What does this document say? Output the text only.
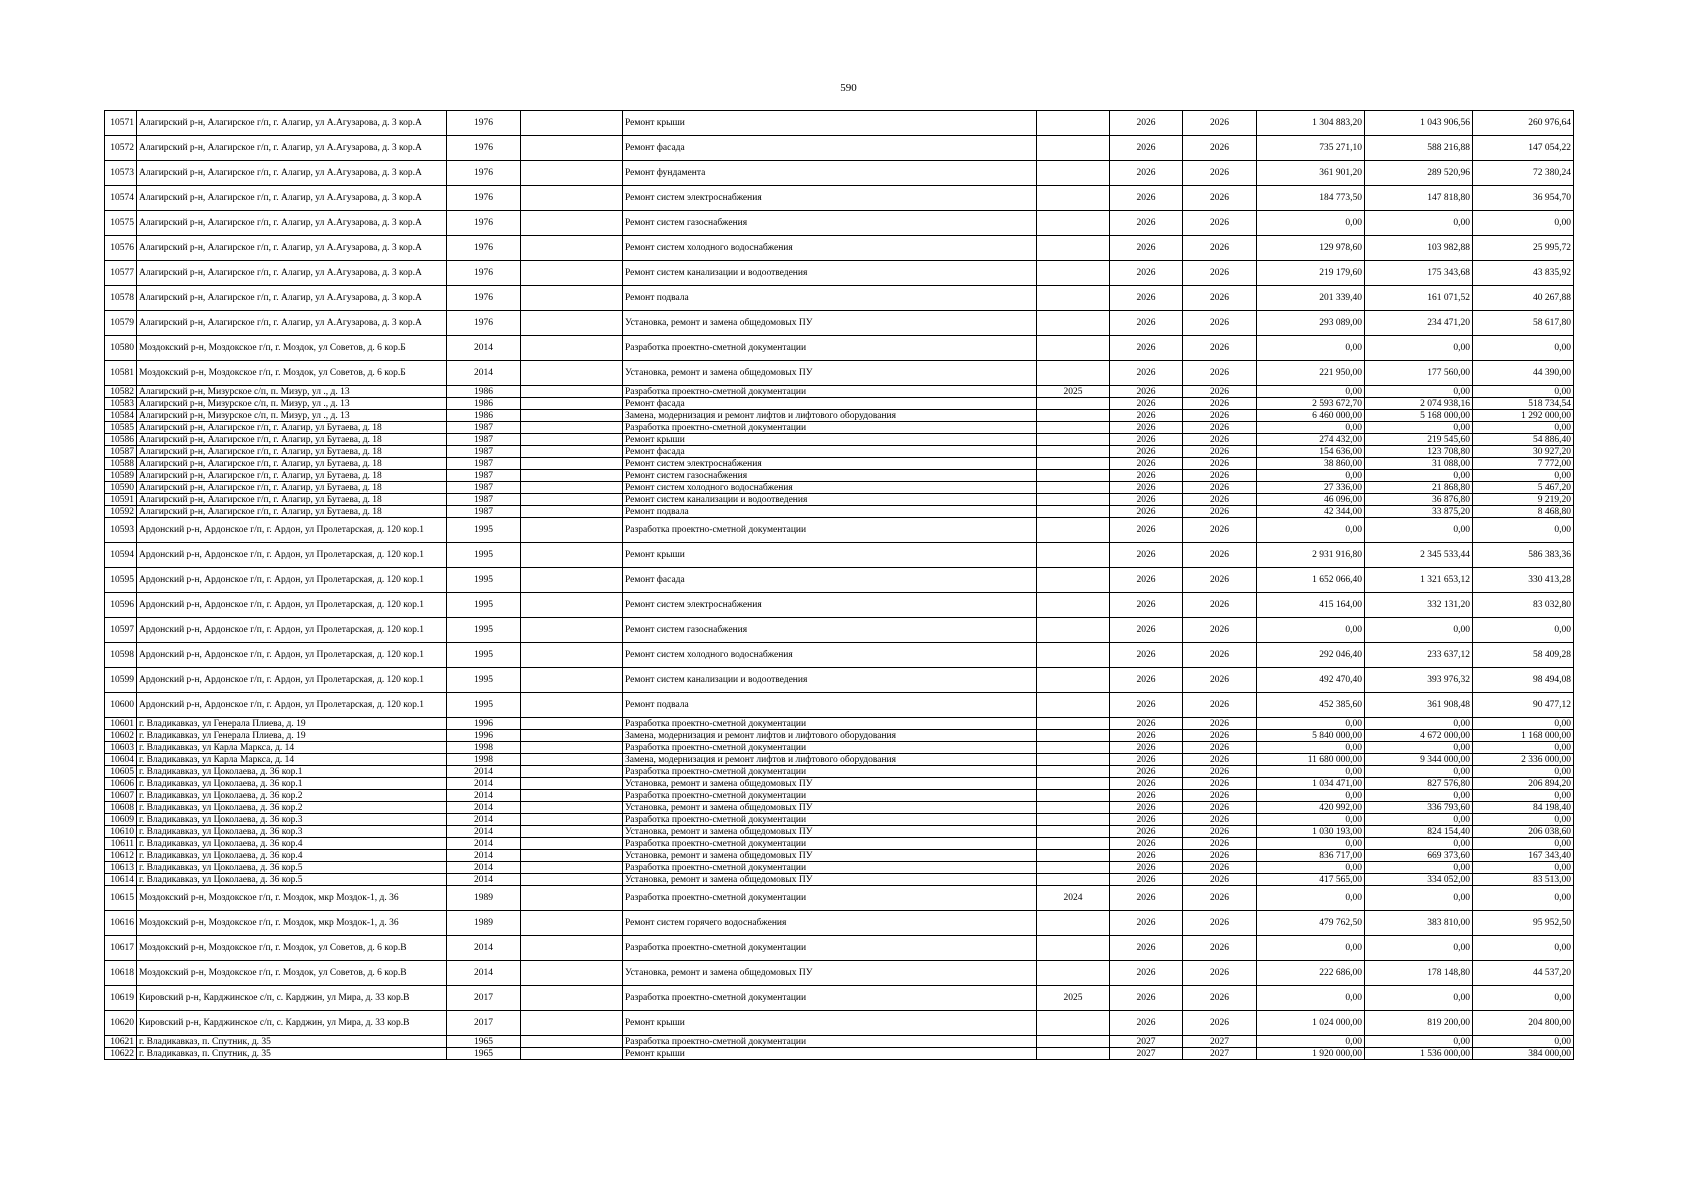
590
10571	Алагирский р-н, Алагирское г/п, г. Алагир, ул А.Агузарова, д. 3 кор.А	1976		Ремонт крыши		2026	2026	1 304 883,20	1 043 906,56	260 976,64
10572	Алагирский р-н, Алагирское г/п, г. Алагир, ул А.Агузарова, д. 3 кор.А	1976		Ремонт фасада		2026	2026	735 271,10	588 216,88	147 054,22
10573	Алагирский р-н, Алагирское г/п, г. Алагир, ул А.Агузарова, д. 3 кор.А	1976		Ремонт фундамента		2026	2026	361 901,20	289 520,96	72 380,24
10574	Алагирский р-н, Алагирское г/п, г. Алагир, ул А.Агузарова, д. 3 кор.А	1976		Ремонт систем электроснабжения		2026	2026	184 773,50	147 818,80	36 954,70
10575	Алагирский р-н, Алагирское г/п, г. Алагир, ул А.Агузарова, д. 3 кор.А	1976		Ремонт систем газоснабжения		2026	2026	0,00	0,00	0,00
10576	Алагирский р-н, Алагирское г/п, г. Алагир, ул А.Агузарова, д. 3 кор.А	1976		Ремонт систем холодного водоснабжения		2026	2026	129 978,60	103 982,88	25 995,72
10577	Алагирский р-н, Алагирское г/п, г. Алагир, ул А.Агузарова, д. 3 кор.А	1976		Ремонт систем канализации и водоотведения		2026	2026	219 179,60	175 343,68	43 835,92
10578	Алагирский р-н, Алагирское г/п, г. Алагир, ул А.Агузарова, д. 3 кор.А	1976		Ремонт подвала		2026	2026	201 339,40	161 071,52	40 267,88
10579	Алагирский р-н, Алагирское г/п, г. Алагир, ул А.Агузарова, д. 3 кор.А	1976		Установка, ремонт и замена общедомовых ПУ		2026	2026	293 089,00	234 471,20	58 617,80
10580	Моздокский р-н, Моздокское г/п, г. Моздок, ул Советов, д. 6 кор.Б	2014		Разработка проектно-сметной документации		2026	2026	0,00	0,00	0,00
10581	Моздокский р-н, Моздокское г/п, г. Моздок, ул Советов, д. 6 кор.Б	2014		Установка, ремонт и замена общедомовых ПУ		2026	2026	221 950,00	177 560,00	44 390,00
10582	Алагирский р-н, Мизурское с/п, п. Мизур, ул ., д. 13	1986		Разработка проектно-сметной документации	2025	2026	2026	0,00	0,00	0,00
10583	Алагирский р-н, Мизурское с/п, п. Мизур, ул ., д. 13	1986		Ремонт фасада		2026	2026	2 593 672,70	2 074 938,16	518 734,54
10584	Алагирский р-н, Мизурское с/п, п. Мизур, ул ., д. 13	1986		Замена, модернизация и ремонт лифтов и лифтового оборудования		2026	2026	6 460 000,00	5 168 000,00	1 292 000,00
10585	Алагирский р-н, Алагирское г/п, г. Алагир, ул Бутаева, д. 18	1987		Разработка проектно-сметной документации		2026	2026	0,00	0,00	0,00
10586	Алагирский р-н, Алагирское г/п, г. Алагир, ул Бутаева, д. 18	1987		Ремонт крыши		2026	2026	274 432,00	219 545,60	54 886,40
10587	Алагирский р-н, Алагирское г/п, г. Алагир, ул Бутаева, д. 18	1987		Ремонт фасада		2026	2026	154 636,00	123 708,80	30 927,20
10588	Алагирский р-н, Алагирское г/п, г. Алагир, ул Бутаева, д. 18	1987		Ремонт систем электроснабжения		2026	2026	38 860,00	31 088,00	7 772,00
10589	Алагирский р-н, Алагирское г/п, г. Алагир, ул Бутаева, д. 18	1987		Ремонт систем газоснабжения		2026	2026	0,00	0,00	0,00
10590	Алагирский р-н, Алагирское г/п, г. Алагир, ул Бутаева, д. 18	1987		Ремонт систем холодного водоснабжения		2026	2026	27 336,00	21 868,80	5 467,20
10591	Алагирский р-н, Алагирское г/п, г. Алагир, ул Бутаева, д. 18	1987		Ремонт систем канализации и водоотведения		2026	2026	46 096,00	36 876,80	9 219,20
10592	Алагирский р-н, Алагирское г/п, г. Алагир, ул Бутаева, д. 18	1987		Ремонт подвала		2026	2026	42 344,00	33 875,20	8 468,80
10593	Ардонский р-н, Ардонское г/п, г. Ардон, ул Пролетарская, д. 120 кор.1	1995		Разработка проектно-сметной документации		2026	2026	0,00	0,00	0,00
10594	Ардонский р-н, Ардонское г/п, г. Ардон, ул Пролетарская, д. 120 кор.1	1995		Ремонт крыши		2026	2026	2 931 916,80	2 345 533,44	586 383,36
10595	Ардонский р-н, Ардонское г/п, г. Ардон, ул Пролетарская, д. 120 кор.1	1995		Ремонт фасада		2026	2026	1 652 066,40	1 321 653,12	330 413,28
10596	Ардонский р-н, Ардонское г/п, г. Ардон, ул Пролетарская, д. 120 кор.1	1995		Ремонт систем электроснабжения		2026	2026	415 164,00	332 131,20	83 032,80
10597	Ардонский р-н, Ардонское г/п, г. Ардон, ул Пролетарская, д. 120 кор.1	1995		Ремонт систем газоснабжения		2026	2026	0,00	0,00	0,00
10598	Ардонский р-н, Ардонское г/п, г. Ардон, ул Пролетарская, д. 120 кор.1	1995		Ремонт систем холодного водоснабжения		2026	2026	292 046,40	233 637,12	58 409,28
10599	Ардонский р-н, Ардонское г/п, г. Ардон, ул Пролетарская, д. 120 кор.1	1995		Ремонт систем канализации и водоотведения		2026	2026	492 470,40	393 976,32	98 494,08
10600	Ардонский р-н, Ардонское г/п, г. Ардон, ул Пролетарская, д. 120 кор.1	1995		Ремонт подвала		2026	2026	452 385,60	361 908,48	90 477,12
10601	г. Владикавказ, ул Генерала Плиева, д. 19	1996		Разработка проектно-сметной документации		2026	2026	0,00	0,00	0,00
10602	г. Владикавказ, ул Генерала Плиева, д. 19	1996		Замена, модернизация и ремонт лифтов и лифтового оборудования		2026	2026	5 840 000,00	4 672 000,00	1 168 000,00
10603	г. Владикавказ, ул Карла Маркса, д. 14	1998		Разработка проектно-сметной документации		2026	2026	0,00	0,00	0,00
10604	г. Владикавказ, ул Карла Маркса, д. 14	1998		Замена, модернизация и ремонт лифтов и лифтового оборудования		2026	2026	11 680 000,00	9 344 000,00	2 336 000,00
10605	г. Владикавказ, ул Цоколаева, д. 36 кор.1	2014		Разработка проектно-сметной документации		2026	2026	0,00	0,00	0,00
10606	г. Владикавказ, ул Цоколаева, д. 36 кор.1	2014		Установка, ремонт и замена общедомовых ПУ		2026	2026	1 034 471,00	827 576,80	206 894,20
10607	г. Владикавказ, ул Цоколаева, д. 36 кор.2	2014		Разработка проектно-сметной документации		2026	2026	0,00	0,00	0,00
10608	г. Владикавказ, ул Цоколаева, д. 36 кор.2	2014		Установка, ремонт и замена общедомовых ПУ		2026	2026	420 992,00	336 793,60	84 198,40
10609	г. Владикавказ, ул Цоколаева, д. 36 кор.3	2014		Разработка проектно-сметной документации		2026	2026	0,00	0,00	0,00
10610	г. Владикавказ, ул Цоколаева, д. 36 кор.3	2014		Установка, ремонт и замена общедомовых ПУ		2026	2026	1 030 193,00	824 154,40	206 038,60
10611	г. Владикавказ, ул Цоколаева, д. 36 кор.4	2014		Разработка проектно-сметной документации		2026	2026	0,00	0,00	0,00
10612	г. Владикавказ, ул Цоколаева, д. 36 кор.4	2014		Установка, ремонт и замена общедомовых ПУ		2026	2026	836 717,00	669 373,60	167 343,40
10613	г. Владикавказ, ул Цоколаева, д. 36 кор.5	2014		Разработка проектно-сметной документации		2026	2026	0,00	0,00	0,00
10614	г. Владикавказ, ул Цоколаева, д. 36 кор.5	2014		Установка, ремонт и замена общедомовых ПУ		2026	2026	417 565,00	334 052,00	83 513,00
10615	Моздокский р-н, Моздокское г/п, г. Моздок, мкр Моздок-1, д. 36	1989		Разработка проектно-сметной документации	2024	2026	2026	0,00	0,00	0,00
10616	Моздокский р-н, Моздокское г/п, г. Моздок, мкр Моздок-1, д. 36	1989		Ремонт систем горячего водоснабжения		2026	2026	479 762,50	383 810,00	95 952,50
10617	Моздокский р-н, Моздокское г/п, г. Моздок, ул Советов, д. 6 кор.В	2014		Разработка проектно-сметной документации		2026	2026	0,00	0,00	0,00
10618	Моздокский р-н, Моздокское г/п, г. Моздок, ул Советов, д. 6 кор.В	2014		Установка, ремонт и замена общедомовых ПУ		2026	2026	222 686,00	178 148,80	44 537,20
10619	Кировский р-н, Карджинское с/п, с. Карджин, ул Мира, д. 33 кор.В	2017		Разработка проектно-сметной документации	2025	2026	2026	0,00	0,00	0,00
10620	Кировский р-н, Карджинское с/п, с. Карджин, ул Мира, д. 33 кор.В	2017		Ремонт крыши		2026	2026	1 024 000,00	819 200,00	204 800,00
10621	г. Владикавказ, п. Спутник, д. 35	1965		Разработка проектно-сметной документации		2027	2027	0,00	0,00	0,00
10622	г. Владикавказ, п. Спутник, д. 35	1965		Ремонт крыши		2027	2027	1 920 000,00	1 536 000,00	384 000,00
